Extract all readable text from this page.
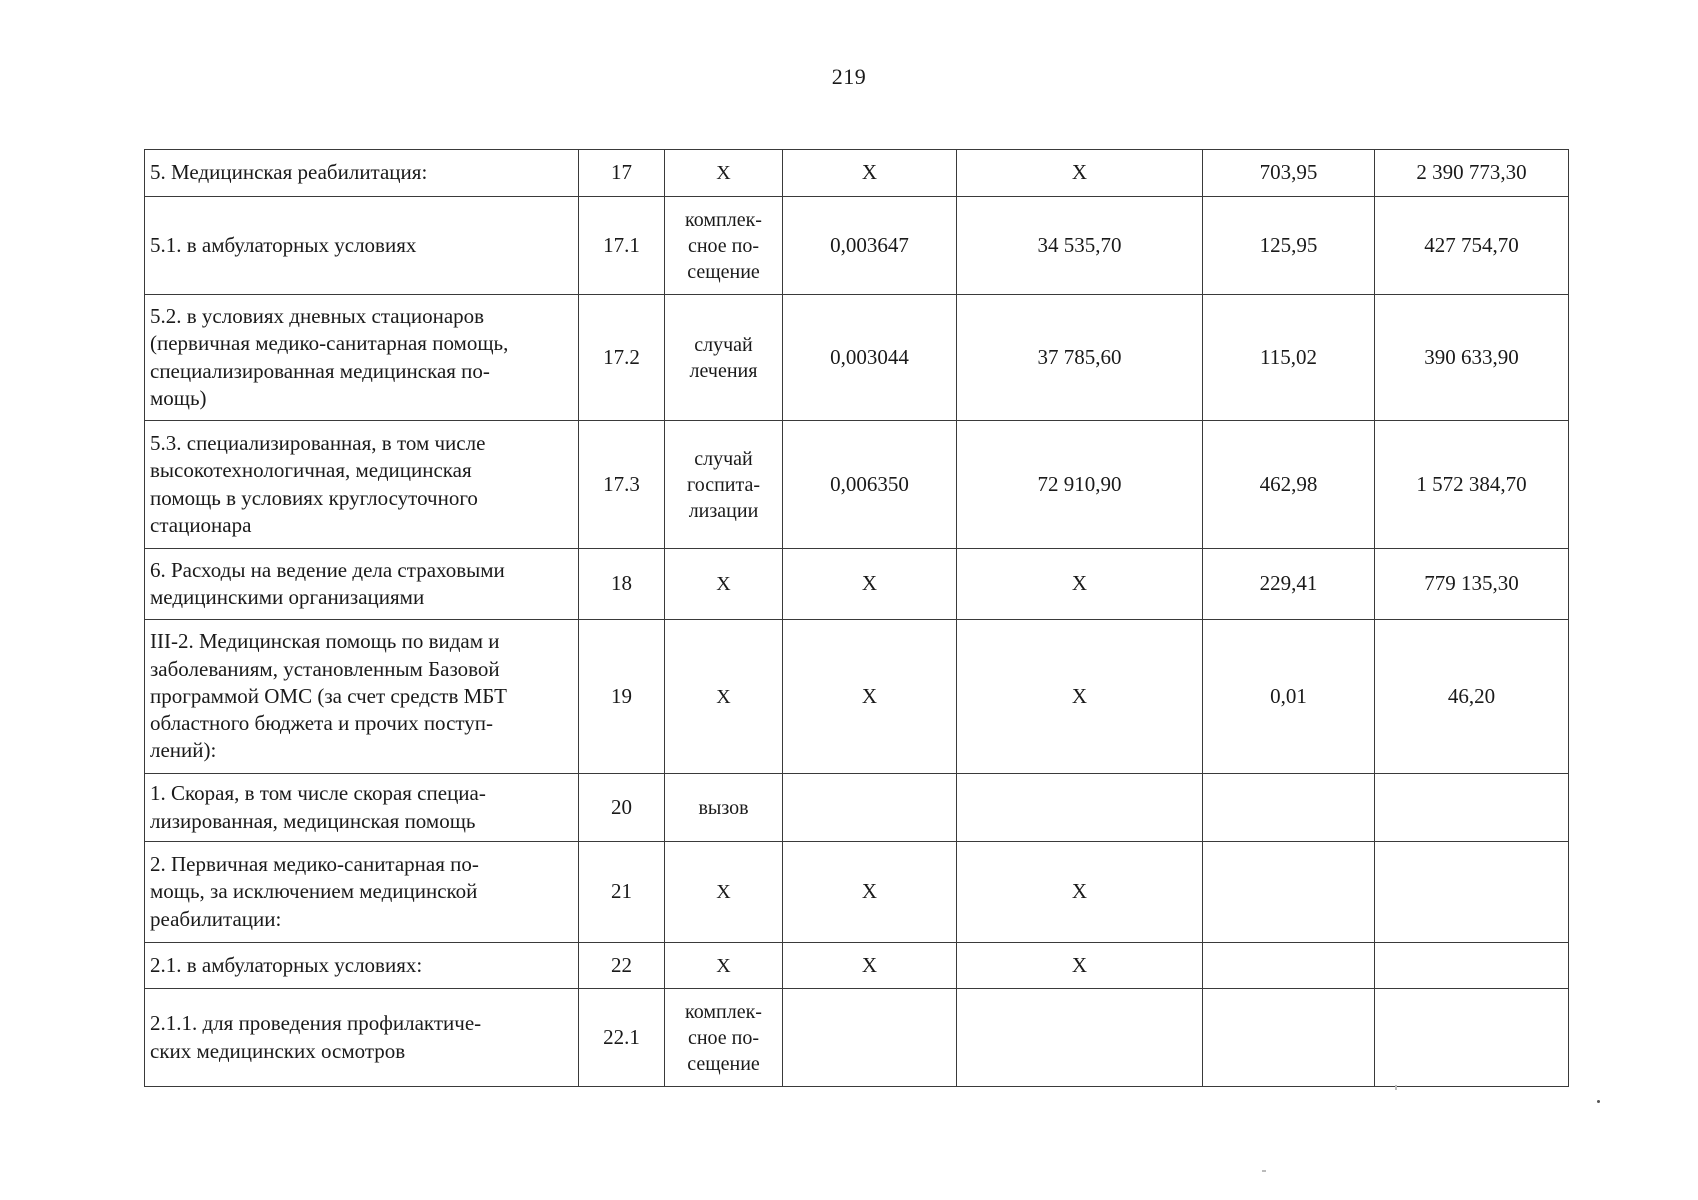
219
5. Медицинская реабилитация:	17	Х	Х	Х	703,95	2 390 773,30
5.1. в амбулаторных условиях	17.1	комплек-
сное по-
сещение	0,003647	34 535,70	125,95	427 754,70
5.2. в условиях дневных стационаров
(первичная медико-санитарная помощь,
специализированная медицинская по-
мощь)	17.2	случай
лечения	0,003044	37 785,60	115,02	390 633,90
5.3. специализированная, в том числе
высокотехнологичная, медицинская
помощь в условиях круглосуточного
стационара	17.3	случай
госпита-
лизации	0,006350	72 910,90	462,98	1 572 384,70
6. Расходы на ведение дела страховыми
медицинскими организациями	18	Х	Х	Х	229,41	779 135,30
III-2. Медицинская помощь по видам и
заболеваниям, установленным Базовой
программой ОМС (за счет средств МБТ
областного бюджета и прочих поступ-
лений):	19	Х	Х	Х	0,01	46,20
1. Скорая, в том числе скорая специа-
лизированная, медицинская помощь	20	вызов				
2. Первичная медико-санитарная по-
мощь, за исключением медицинской
реабилитации:	21	Х	Х	Х		
2.1. в амбулаторных условиях:	22	Х	Х	Х		
2.1.1. для проведения профилактиче-
ских медицинских осмотров	22.1	комплек-
сное по-
сещение				
